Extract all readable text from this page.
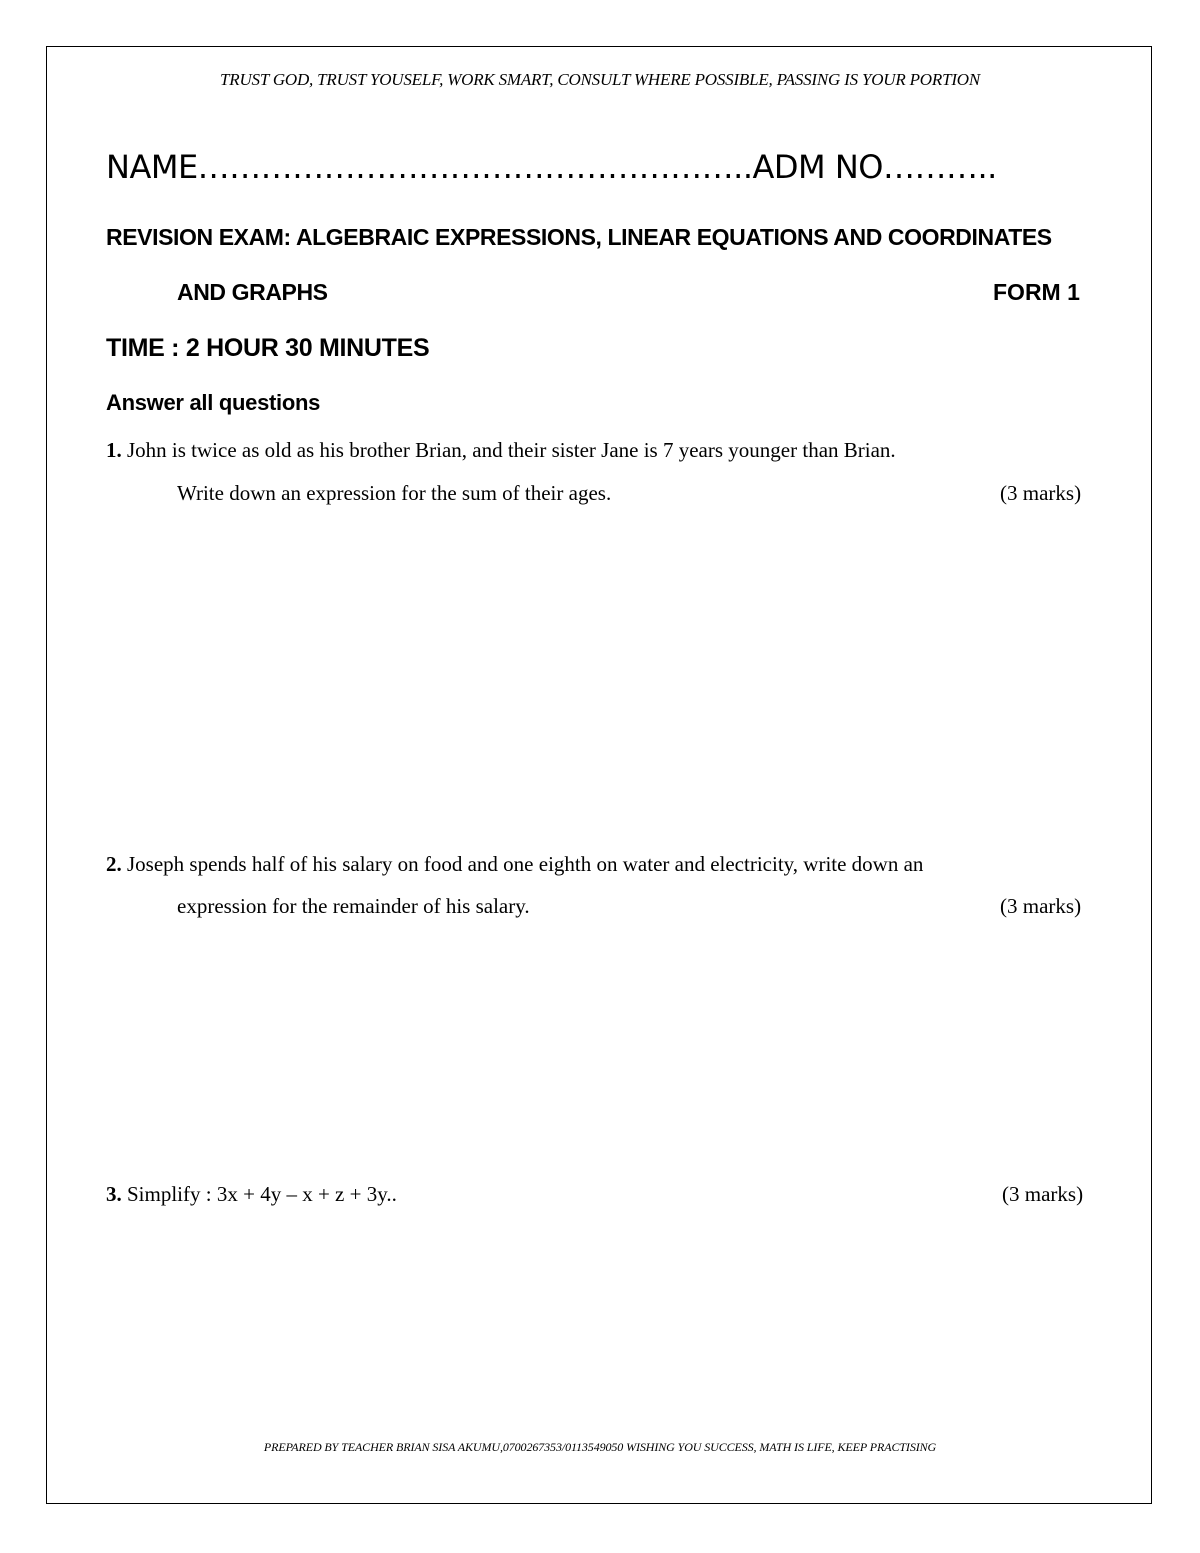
TRUST GOD, TRUST YOUSELF, WORK SMART, CONSULT WHERE POSSIBLE, PASSING IS YOUR PORTION
NAME……………………………………………..ADM NO………..
REVISION EXAM: ALGEBRAIC EXPRESSIONS, LINEAR EQUATIONS AND COORDINATES
AND GRAPHS	FORM 1
TIME : 2 HOUR 30 MINUTES
Answer all questions
1. John is twice as old as his brother Brian, and their sister Jane is 7 years younger than Brian.
Write down an expression for the sum of their ages.	(3 marks)
2. Joseph spends half of his salary on food and one eighth on water and electricity, write down an
expression for the remainder of his salary.	(3 marks)
3. Simplify : 3x + 4y – x + z + 3y..	(3 marks)
PREPARED BY TEACHER BRIAN SISA AKUMU,0700267353/0113549050 WISHING YOU SUCCESS, MATH IS LIFE, KEEP PRACTISING
